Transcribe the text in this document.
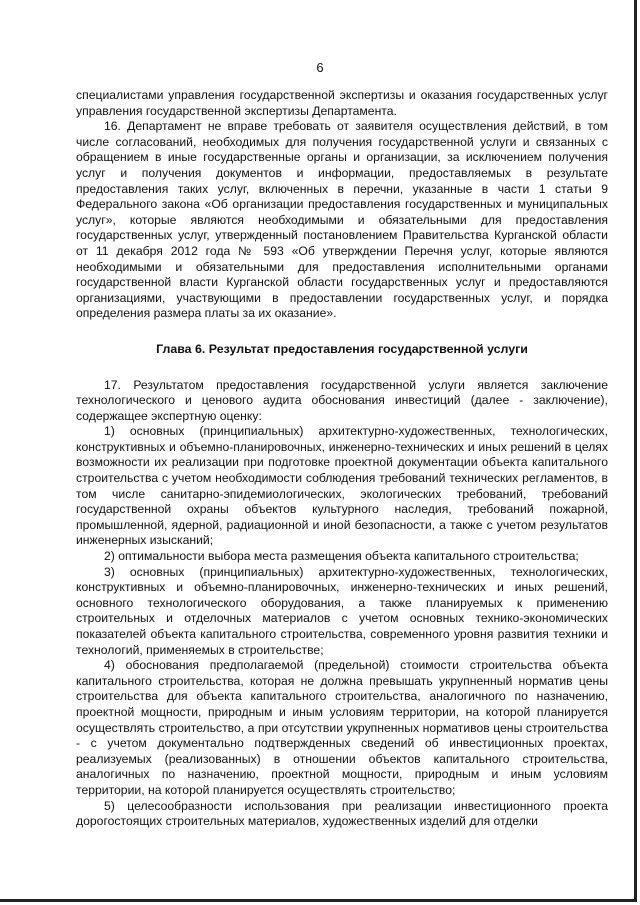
6

специалистами управления государственной экспертизы и оказания государственных услуг управления государственной экспертизы Департамента.

16. Департамент не вправе требовать от заявителя осуществления действий, в том числе согласований, необходимых для получения государственной услуги и связанных с обращением в иные государственные органы и организации, за исключением получения услуг и получения документов и информации, предоставляемых в результате предоставления таких услуг, включенных в перечни, указанные в части 1 статьи 9 Федерального закона «Об организации предоставления государственных и муниципальных услуг», которые являются необходимыми и обязательными для предоставления государственных услуг, утвержденный постановлением Правительства Курганской области от 11 декабря 2012 года № 593 «Об утверждении Перечня услуг, которые являются необходимыми и обязательными для предоставления исполнительными органами государственной власти Курганской области государственных услуг и предоставляются организациями, участвующими в предоставлении государственных услуг, и порядка определения размера платы за их оказание».

Глава 6. Результат предоставления государственной услуги

17. Результатом предоставления государственной услуги является заключение технологического и ценового аудита обоснования инвестиций (далее - заключение), содержащее экспертную оценку:

1) основных (принципиальных) архитектурно-художественных, технологических, конструктивных и объемно-планировочных, инженерно-технических и иных решений в целях возможности их реализации при подготовке проектной документации объекта капитального строительства с учетом необходимости соблюдения требований технических регламентов, в том числе санитарно-эпидемиологических, экологических требований, требований государственной охраны объектов культурного наследия, требований пожарной, промышленной, ядерной, радиационной и иной безопасности, а также с учетом результатов инженерных изысканий;

2) оптимальности выбора места размещения объекта капитального строительства;

3) основных (принципиальных) архитектурно-художественных, технологических, конструктивных и объемно-планировочных, инженерно-технических и иных решений, основного технологического оборудования, а также планируемых к применению строительных и отделочных материалов с учетом основных технико-экономических показателей объекта капитального строительства, современного уровня развития техники и технологий, применяемых в строительстве;

4) обоснования предполагаемой (предельной) стоимости строительства объекта капитального строительства, которая не должна превышать укрупненный норматив цены строительства для объекта капитального строительства, аналогичного по назначению, проектной мощности, природным и иным условиям территории, на которой планируется осуществлять строительство, а при отсутствии укрупненных нормативов цены строительства - с учетом документально подтвержденных сведений об инвестиционных проектах, реализуемых (реализованных) в отношении объектов капитального строительства, аналогичных по назначению, проектной мощности, природным и иным условиям территории, на которой планируется осуществлять строительство;

5) целесообразности использования при реализации инвестиционного проекта дорогостоящих строительных материалов, художественных изделий для отделки
